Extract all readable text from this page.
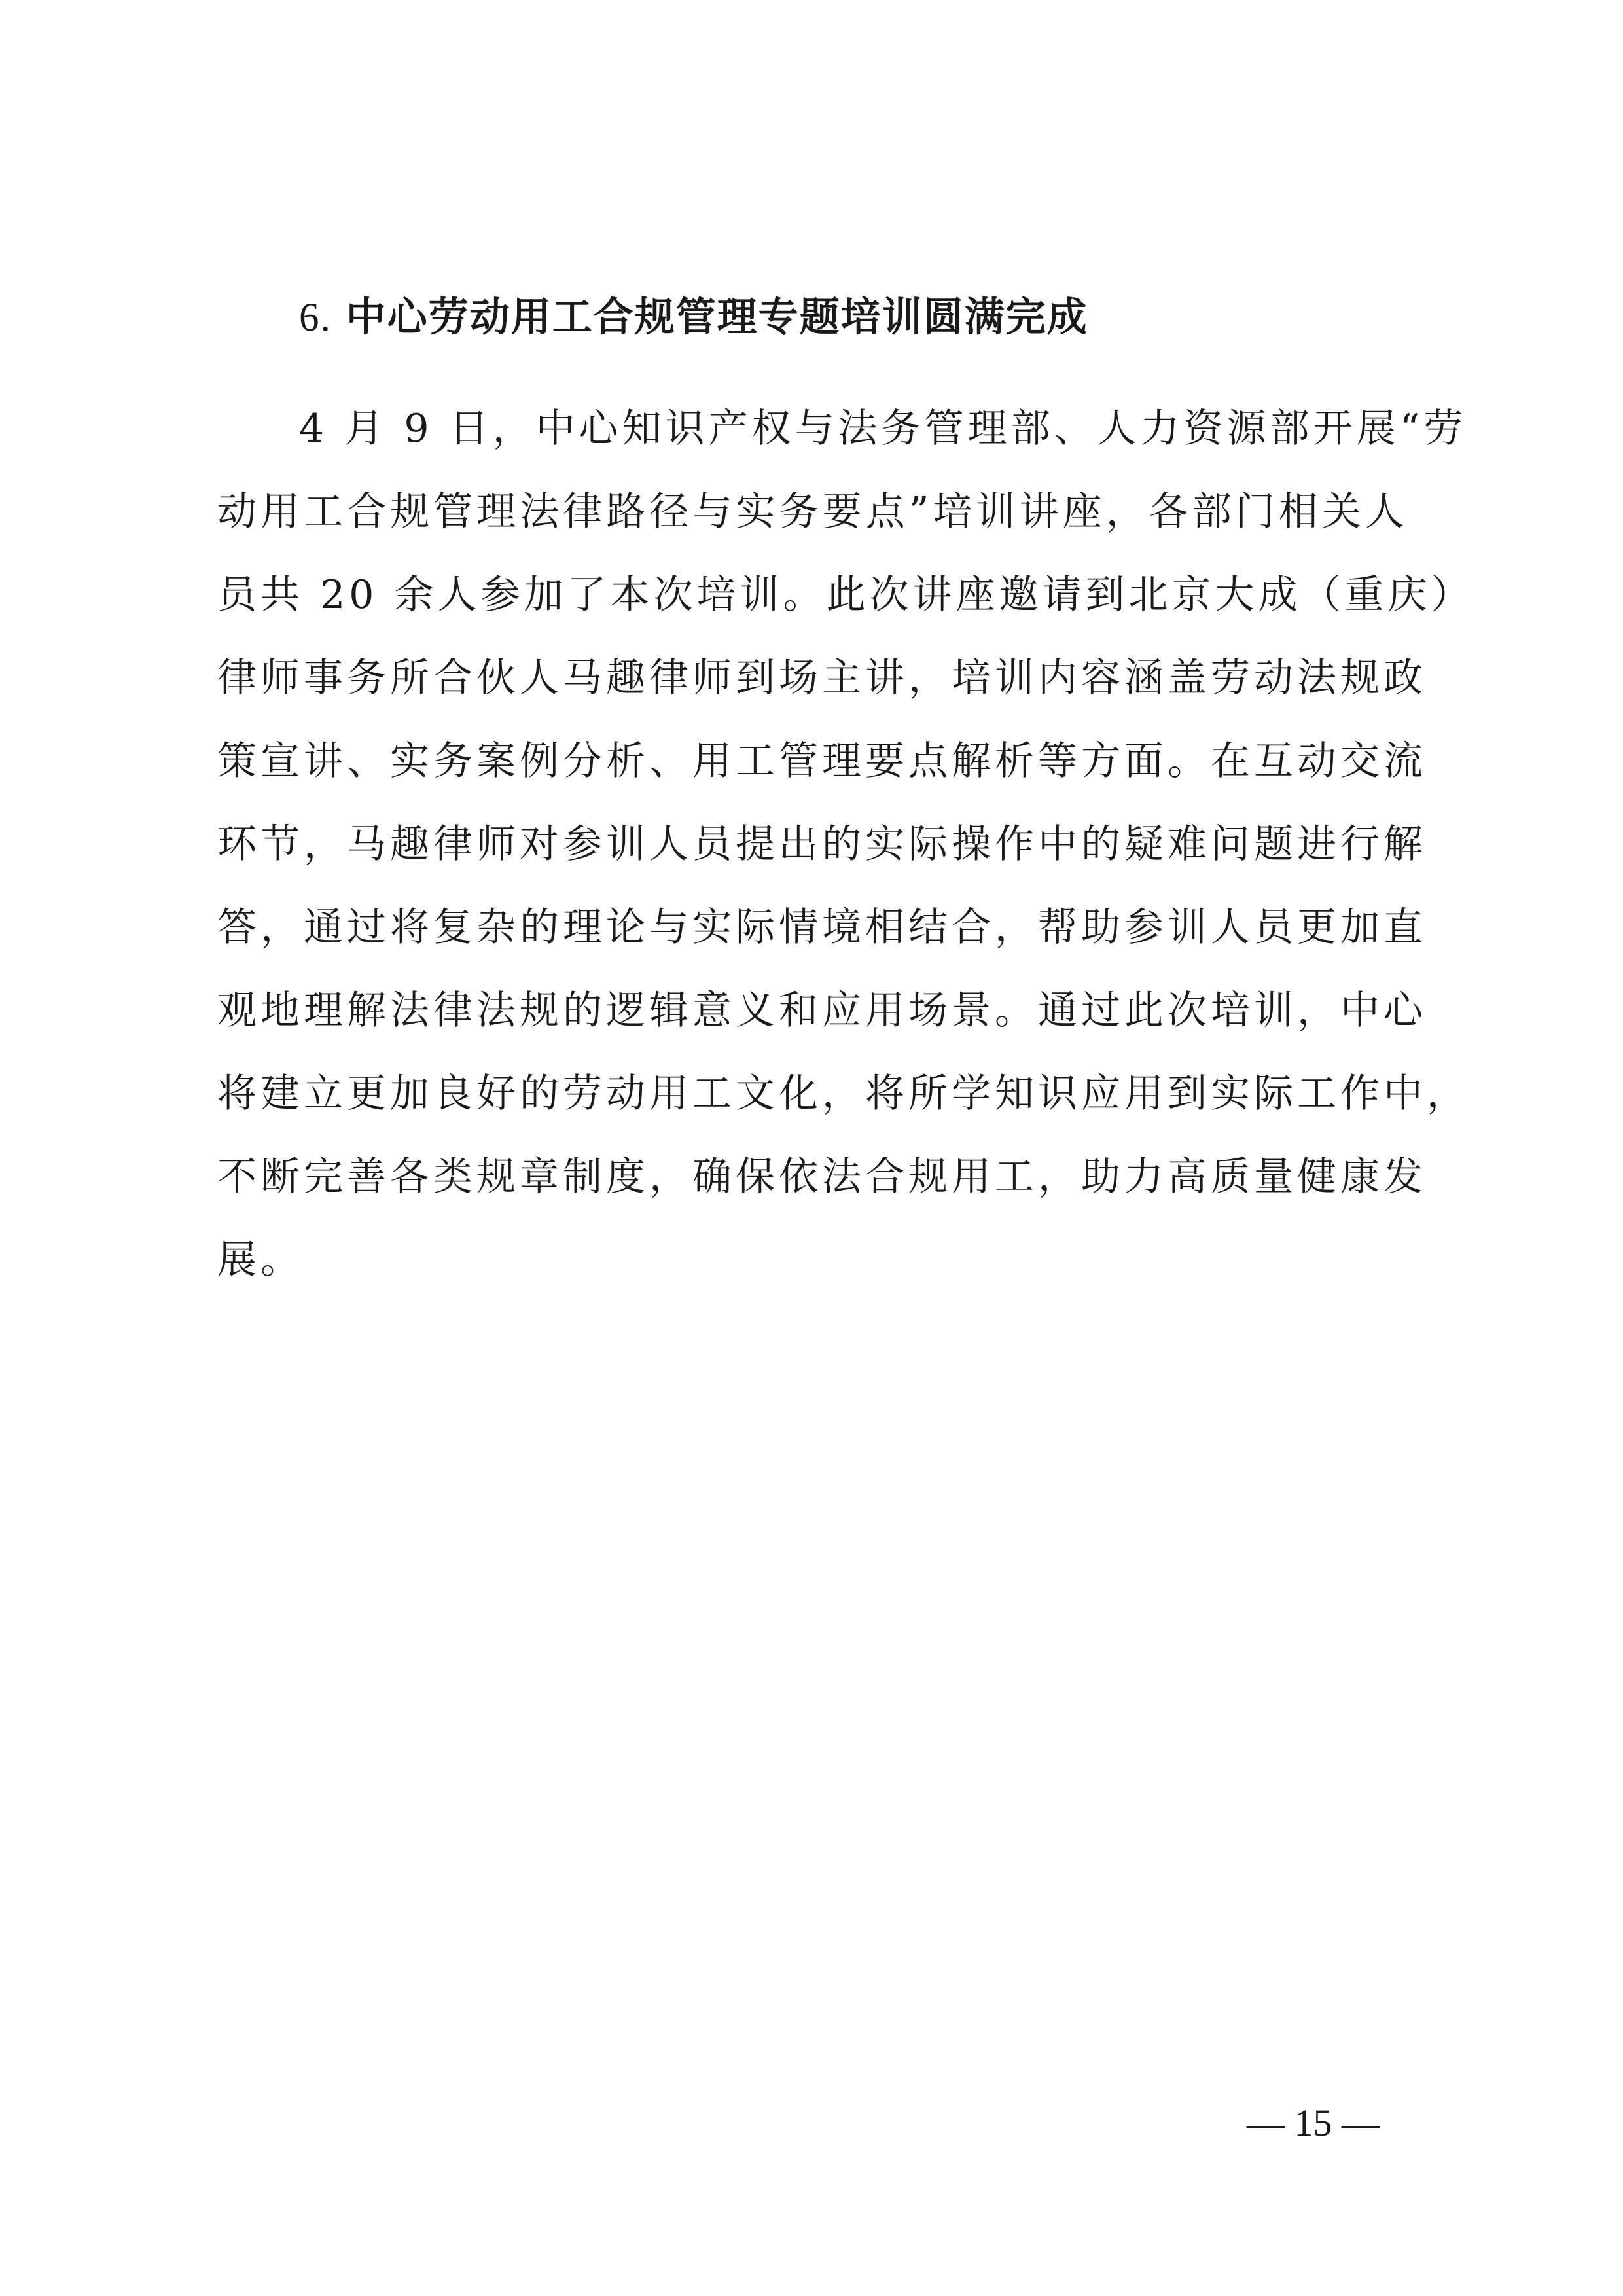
6. 中心劳动用工合规管理专题培训圆满完成
4 月 9 日，中心知识产权与法务管理部、人力资源部开展“劳
动用工合规管理法律路径与实务要点”培训讲座，各部门相关人
员共 20 余人参加了本次培训。此次讲座邀请到北京大成（重庆）
律师事务所合伙人马趣律师到场主讲，培训内容涵盖劳动法规政
策宣讲、实务案例分析、用工管理要点解析等方面。在互动交流
环节，马趣律师对参训人员提出的实际操作中的疑难问题进行解
答，通过将复杂的理论与实际情境相结合，帮助参训人员更加直
观地理解法律法规的逻辑意义和应用场景。通过此次培训，中心
将建立更加良好的劳动用工文化，将所学知识应用到实际工作中，
不断完善各类规章制度，确保依法合规用工，助力高质量健康发
展。
— 15 —
